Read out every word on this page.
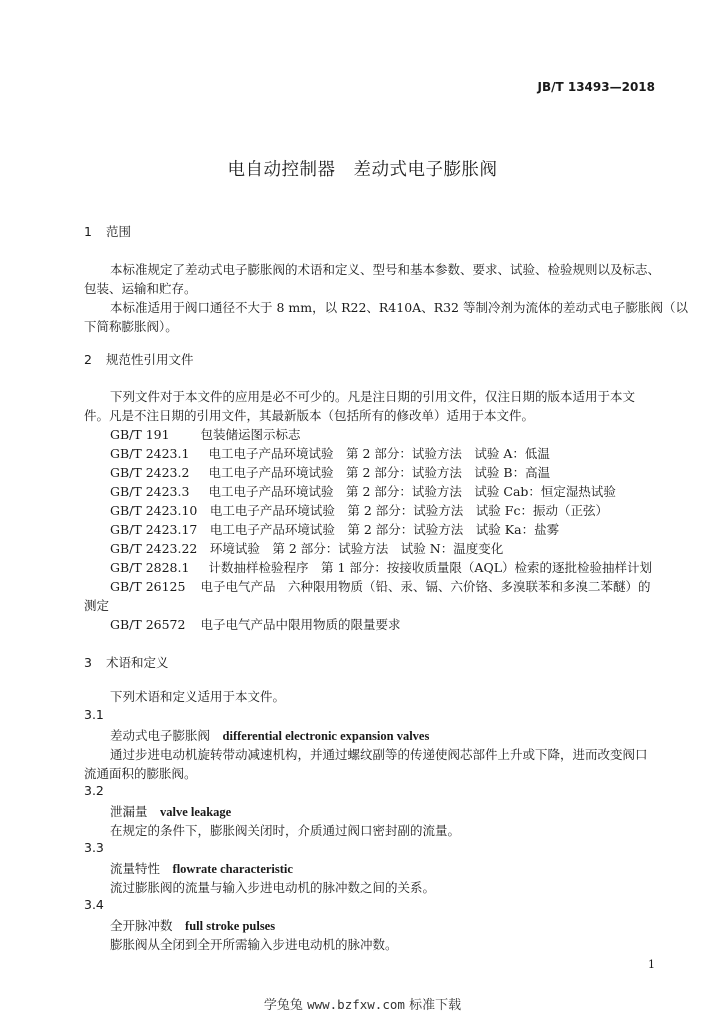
JB/T 13493—2018
电自动控制器　差动式电子膨胀阀
1 范围
本标准规定了差动式电子膨胀阀的术语和定义、型号和基本参数、要求、试验、检验规则以及标志、
包装、运输和贮存。
本标准适用于阀口通径不大于 8 mm，以 R22、R410A、R32 等制冷剂为流体的差动式电子膨胀阀（以
下简称膨胀阀）。
2 规范性引用文件
下列文件对于本文件的应用是必不可少的。凡是注日期的引用文件，仅注日期的版本适用于本文
件。凡是不注日期的引用文件，其最新版本（包括所有的修改单）适用于本文件。
GB/T 191　 包装储运图示标志
GB/T 2423.1　 电工电子产品环境试验　第 2 部分：试验方法　试验 A：低温
GB/T 2423.2　 电工电子产品环境试验　第 2 部分：试验方法　试验 B：高温
GB/T 2423.3　 电工电子产品环境试验　第 2 部分：试验方法　试验 Cab：恒定湿热试验
GB/T 2423.10　 电工电子产品环境试验　第 2 部分：试验方法　试验 Fc：振动（正弦）
GB/T 2423.17　 电工电子产品环境试验　第 2 部分：试验方法　试验 Ka：盐雾
GB/T 2423.22　 环境试验　第 2 部分：试验方法　试验 N：温度变化
GB/T 2828.1　 计数抽样检验程序　第 1 部分：按接收质量限（AQL）检索的逐批检验抽样计划
GB/T 26125　 电子电气产品　六种限用物质（铅、汞、镉、六价铬、多溴联苯和多溴二苯醚）的
测定
GB/T 26572　 电子电气产品中限用物质的限量要求
3 术语和定义
下列术语和定义适用于本文件。
3.1
差动式电子膨胀阀　 differential electronic expansion valves
通过步进电动机旋转带动减速机构，并通过螺纹副等的传递使阀芯部件上升或下降，进而改变阀口
流通面积的膨胀阀。
3.2
泄漏量　 valve leakage
在规定的条件下，膨胀阀关闭时，介质通过阀口密封副的流量。
3.3
流量特性　 flowrate characteristic
流过膨胀阀的流量与输入步进电动机的脉冲数之间的关系。
3.4
全开脉冲数　 full stroke pulses
膨胀阀从全闭到全开所需输入步进电动机的脉冲数。
1
学兔兔 www.bzfxw.com 标准下载
